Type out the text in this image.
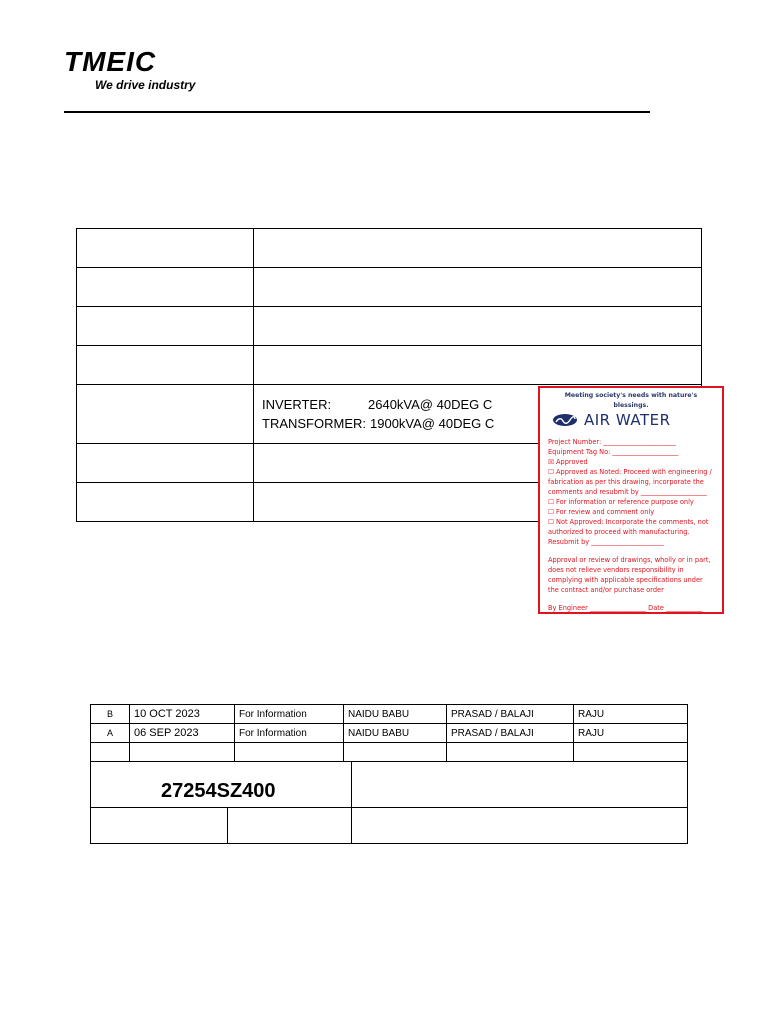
TMEIC
We drive industry

	INVERTER: 2640kVA@ 40DEG C
TRANSFORMER: 1900kVA@ 40DEG C

Meeting society's needs with nature's blessings.
AIR WATER

Project Number: ______________________

Equipment Tag No: ____________________

☒ Approved

☐ Approved as Noted: Proceed with engineering / fabrication as per this drawing, incorporate the comments and resubmit by ____________________

☐ For information or reference purpose only

☐ For review and comment only

☐ Not Approved: Incorporate the comments, not authorized to proceed with manufacturing.

Resubmit by ______________________

Approval or review of drawings, wholly or in part, does not relieve vendors responsibility in complying with applicable specifications under the contract and/or purchase order

By Engineer _________________ Date ___________

B	10 OCT 2023	For Information	NAIDU BABU	PRASAD / BALAJI	RAJU
A	06 SEP 2023	For Information	NAIDU BABU	PRASAD / BALAJI	RAJU

27254SZ400
